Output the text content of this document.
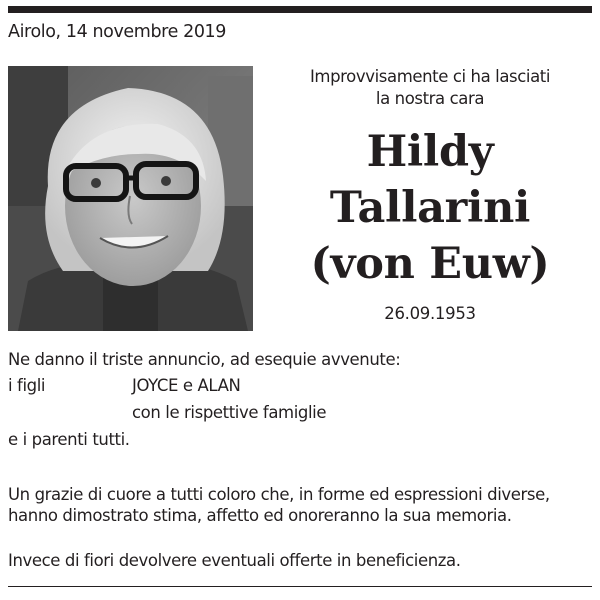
Airolo, 14 novembre 2019
Improvvisamente ci ha lasciati
la nostra cara
Hildy
Tallarini
(von Euw)
26.09.1953
Ne danno il triste annuncio, ad esequie avvenute:
i figli	JOYCE e ALAN
con le rispettive famiglie
e i parenti tutti.
Un grazie di cuore a tutti coloro che, in forme ed espressioni diverse,
hanno dimostrato stima, affetto ed onoreranno la sua memoria.
Invece di fiori devolvere eventuali offerte in beneficienza.
